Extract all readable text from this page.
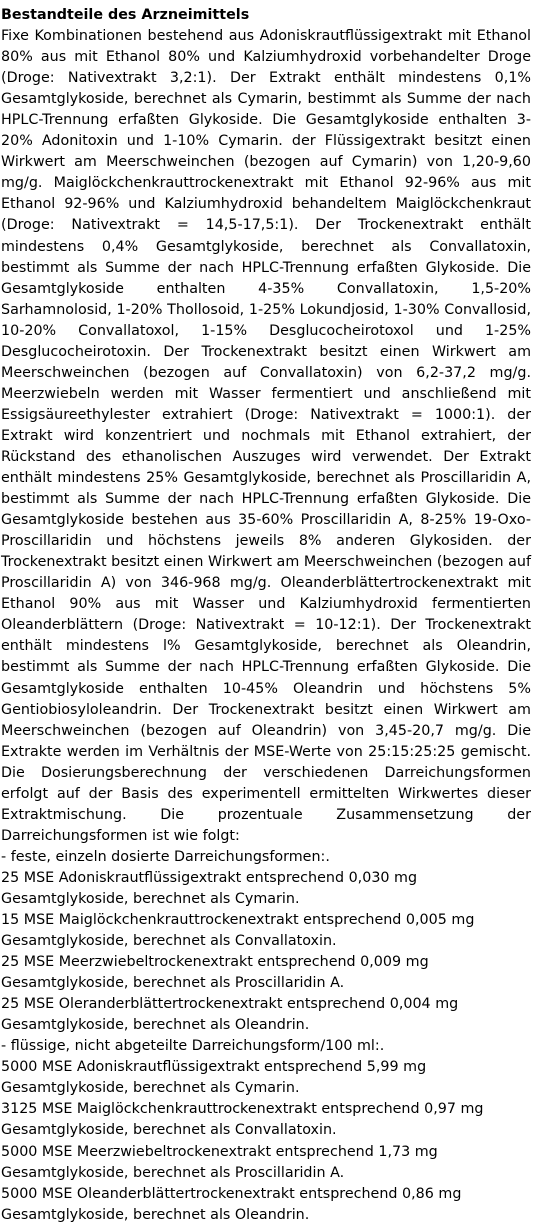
Bestandteile des Arzneimittels

Fixe Kombinationen bestehend aus Adoniskrautflüssigextrakt mit Ethanol 80% aus mit Ethanol 80% und Kalziumhydroxid vorbehandelter Droge (Droge: Nativextrakt 3,2:1). Der Extrakt enthält mindestens 0,1% Gesamtglykoside, berechnet als Cymarin, bestimmt als Summe der nach HPLC-Trennung erfaßten Glykoside. Die Gesamtglykoside enthalten 3-20% Adonitoxin und 1-10% Cymarin. der Flüssigextrakt besitzt einen Wirkwert am Meerschweinchen (bezogen auf Cymarin) von 1,20-9,60 mg/g. Maiglöckchenkrauttrockenextrakt mit Ethanol 92-96% aus mit Ethanol 92-96% und Kalziumhydroxid behandeltem Maiglöckchenkraut (Droge: Nativextrakt = 14,5-17,5:1). Der Trockenextrakt enthält mindestens 0,4% Gesamtglykoside, berechnet als Convallatoxin, bestimmt als Summe der nach HPLC-Trennung erfaßten Glykoside. Die Gesamtglykoside enthalten 4-35% Convallatoxin, 1,5-20% Sarhamnolosid, 1-20% Thollosoid, 1-25% Lokundjosid, 1-30% Convallosid, 10-20% Convallatoxol, 1-15% Desglucocheirotoxol und 1-25% Desglucocheirotoxin. Der Trockenextrakt besitzt einen Wirkwert am Meerschweinchen (bezogen auf Convallatoxin) von 6,2-37,2 mg/g. Meerzwiebeln werden mit Wasser fermentiert und anschließend mit Essigsäureethylester extrahiert (Droge: Nativextrakt = 1000:1). der Extrakt wird konzentriert und nochmals mit Ethanol extrahiert, der Rückstand des ethanolischen Auszuges wird verwendet. Der Extrakt enthält mindestens 25% Gesamtglykoside, berechnet als Proscillaridin A, bestimmt als Summe der nach HPLC-Trennung erfaßten Glykoside. Die Gesamtglykoside bestehen aus 35-60% Proscillaridin A, 8-25% 19-Oxo-Proscillaridin und höchstens jeweils 8% anderen Glykosiden. der Trockenextrakt besitzt einen Wirkwert am Meerschweinchen (bezogen auf Proscillaridin A) von 346-968 mg/g. Oleanderblättertrockenextrakt mit Ethanol 90% aus mit Wasser und Kalziumhydroxid fermentierten Oleanderblättern (Droge: Nativextrakt = 10-12:1). Der Trockenextrakt enthält mindestens l% Gesamtglykoside, berechnet als Oleandrin, bestimmt als Summe der nach HPLC-Trennung erfaßten Glykoside. Die Gesamtglykoside enthalten 10-45% Oleandrin und höchstens 5% Gentiobiosyloleandrin. Der Trockenextrakt besitzt einen Wirkwert am Meerschweinchen (bezogen auf Oleandrin) von 3,45-20,7 mg/g. Die Extrakte werden im Verhältnis der MSE-Werte von 25:15:25:25 gemischt. Die Dosierungsberechnung der verschiedenen Darreichungsformen erfolgt auf der Basis des experimentell ermittelten Wirkwertes dieser Extraktmischung. Die prozentuale Zusammensetzung der Darreichungsformen ist wie folgt:

- feste, einzeln dosierte Darreichungsformen:.
25 MSE Adoniskrautflüssigextrakt entsprechend 0,030 mg Gesamtglykoside, berechnet als Cymarin.
15 MSE Maiglöckchenkrauttrockenextrakt entsprechend 0,005 mg Gesamtglykoside, berechnet als Convallatoxin.
25 MSE Meerzwiebeltrockenextrakt entsprechend 0,009 mg Gesamtglykoside, berechnet als Proscillaridin A.
25 MSE Oleranderblättertrockenextrakt entsprechend 0,004 mg Gesamtglykoside, berechnet als Oleandrin.
- flüssige, nicht abgeteilte Darreichungsform/100 ml:.
5000 MSE Adoniskrautflüssigextrakt entsprechend 5,99 mg Gesamtglykoside, berechnet als Cymarin.
3125 MSE Maiglöckchenkrauttrockenextrakt entsprechend 0,97 mg Gesamtglykoside, berechnet als Convallatoxin.
5000 MSE Meerzwiebeltrockenextrakt entsprechend 1,73 mg Gesamtglykoside, berechnet als Proscillaridin A.
5000 MSE Oleanderblättertrockenextrakt entsprechend 0,86 mg Gesamtglykoside, berechnet als Oleandrin.
